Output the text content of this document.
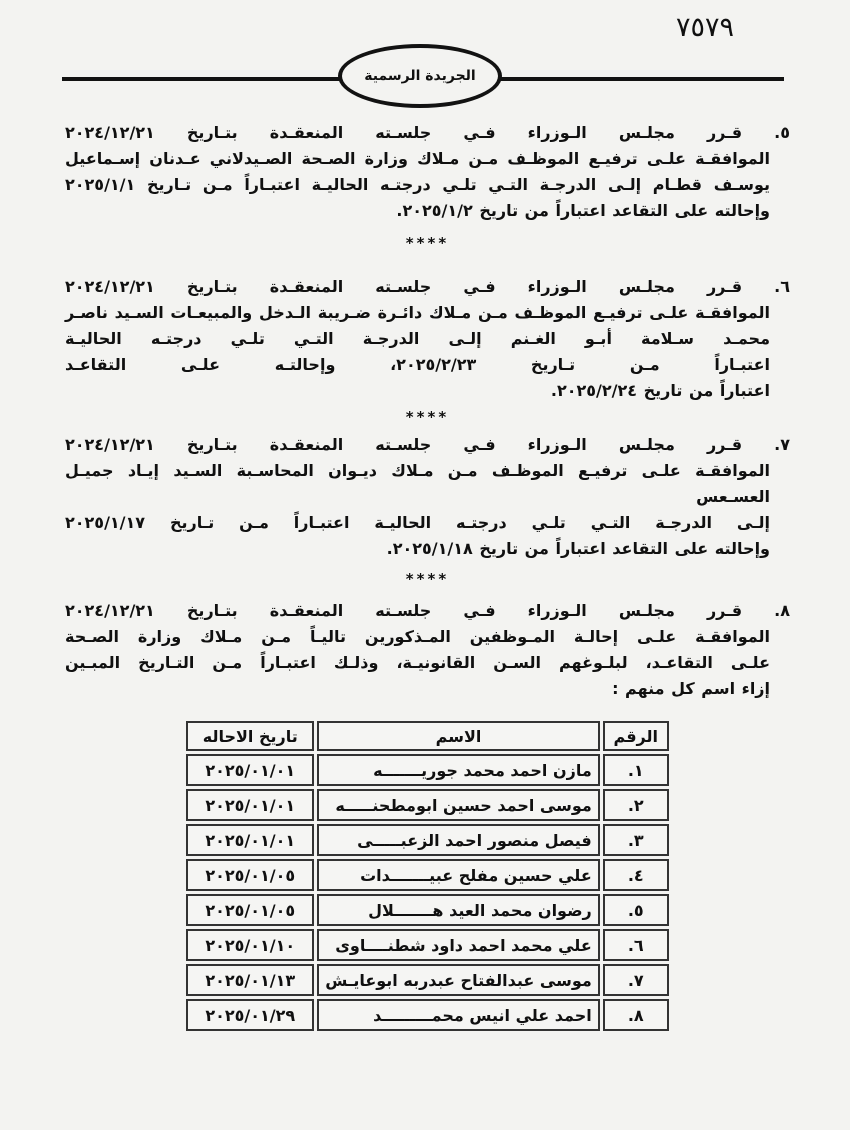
٧٥٧٩
الجريدة الرسمية
٥. قـرر مجلـس الـوزراء فـي جلسـته المنعقـدة بتـاريخ ٢٠٢٤/١٢/٢١
الموافقـة علـى ترفيـع الموظـف مـن مـلاك وزارة الصـحة الصـيدلاني عـدنان إسـماعيل
يوسـف قطـام إلـى الدرجـة التـي تلـي درجتـه الحاليـة اعتبـاراً مـن تـاريخ ٢٠٢٥/١/١
وإحالته على التقاعد اعتباراً من تاريخ ٢٠٢٥/١/٢.
****
٦. قـرر مجلـس الـوزراء فـي جلسـته المنعقـدة بتـاريخ ٢٠٢٤/١٢/٢١
الموافقـة علـى ترفيـع الموظـف مـن مـلاك دائـرة ضـريبة الـدخل والمبيعـات السـيد ناصـر
محمـد سـلامة أبـو الغـنم إلـى الدرجـة التـي تلـي درجتـه الحاليـة
اعتبـاراً مـن تـاريخ ٢٠٢٥/٢/٢٣، وإحالتـه علـى التقاعـد
اعتباراً من تاريخ ٢٠٢٥/٢/٢٤.
****
٧. قـرر مجلـس الـوزراء فـي جلسـته المنعقـدة بتـاريخ ٢٠٢٤/١٢/٢١
الموافقـة علـى ترفيـع الموظـف مـن مـلاك ديـوان المحاسـبة السـيد إيـاد جميـل العسـعس
إلـى الدرجـة التـي تلـي درجتـه الحاليـة اعتبـاراً مـن تـاريخ ٢٠٢٥/١/١٧
وإحالته على التقاعد اعتباراً من تاريخ ٢٠٢٥/١/١٨.
****
٨. قـرر مجلـس الـوزراء فـي جلسـته المنعقـدة بتـاريخ ٢٠٢٤/١٢/٢١
الموافقـة علـى إحالـة المـوظفين المـذكورين تاليـاً مـن مـلاك وزارة الصـحة
علـى التقاعـد، لبلـوغهم السـن القانونيـة، وذلـك اعتبـاراً مـن التـاريخ المبـين
إزاء اسم كل منهم :
الرقم	الاسم	تاريخ الاحاله
١.	مازن احمد محمد جوريـــــــه	٢٠٢٥/٠١/٠١
٢.	موسى احمد حسين ابومطحنـــــه	٢٠٢٥/٠١/٠١
٣.	فيصل منصور احمد الزعبـــــى	٢٠٢٥/٠١/٠١
٤.	علي حسين مفلح عبيـــــــدات	٢٠٢٥/٠١/٠٥
٥.	رضوان محمد العيد هـــــــلال	٢٠٢٥/٠١/٠٥
٦.	علي محمد احمد داود شطنــــاوى	٢٠٢٥/٠١/١٠
٧.	موسى عبدالفتاح عبدربه ابوعايـش	٢٠٢٥/٠١/١٣
٨.	احمد علي انيس محمـــــــــد	٢٠٢٥/٠١/٢٩
